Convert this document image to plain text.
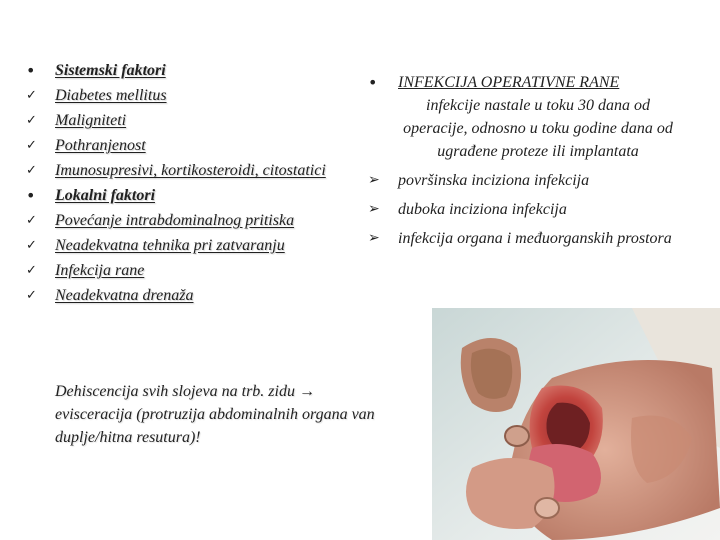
•	Sistemski faktori
✓	Diabetes mellitus
✓	Maligniteti
✓	Pothranjenost
✓	Imunosupresivi, kortikosteroidi, citostatici
•	Lokalni faktori
✓	Povećanje intrabdominalnog pritiska
✓	Neadekvatna tehnika pri zatvaranju
✓	Infekcija rane
✓	Neadekvatna drenaža
Dehiscencija svih slojeva na trb. zidu → evisceracija (protruzija abdominalnih organa van duplje/hitna resutura)!
• INFEKCIJA OPERATIVNE RANE
infekcije nastale u toku 30 dana od operacije, odnosno u toku godine dana od ugrađene proteze ili implantata
➢ površinska inciziona infekcija
➢ duboka inciziona infekcija
➢ infekcija organa i međuorganskih prostora
